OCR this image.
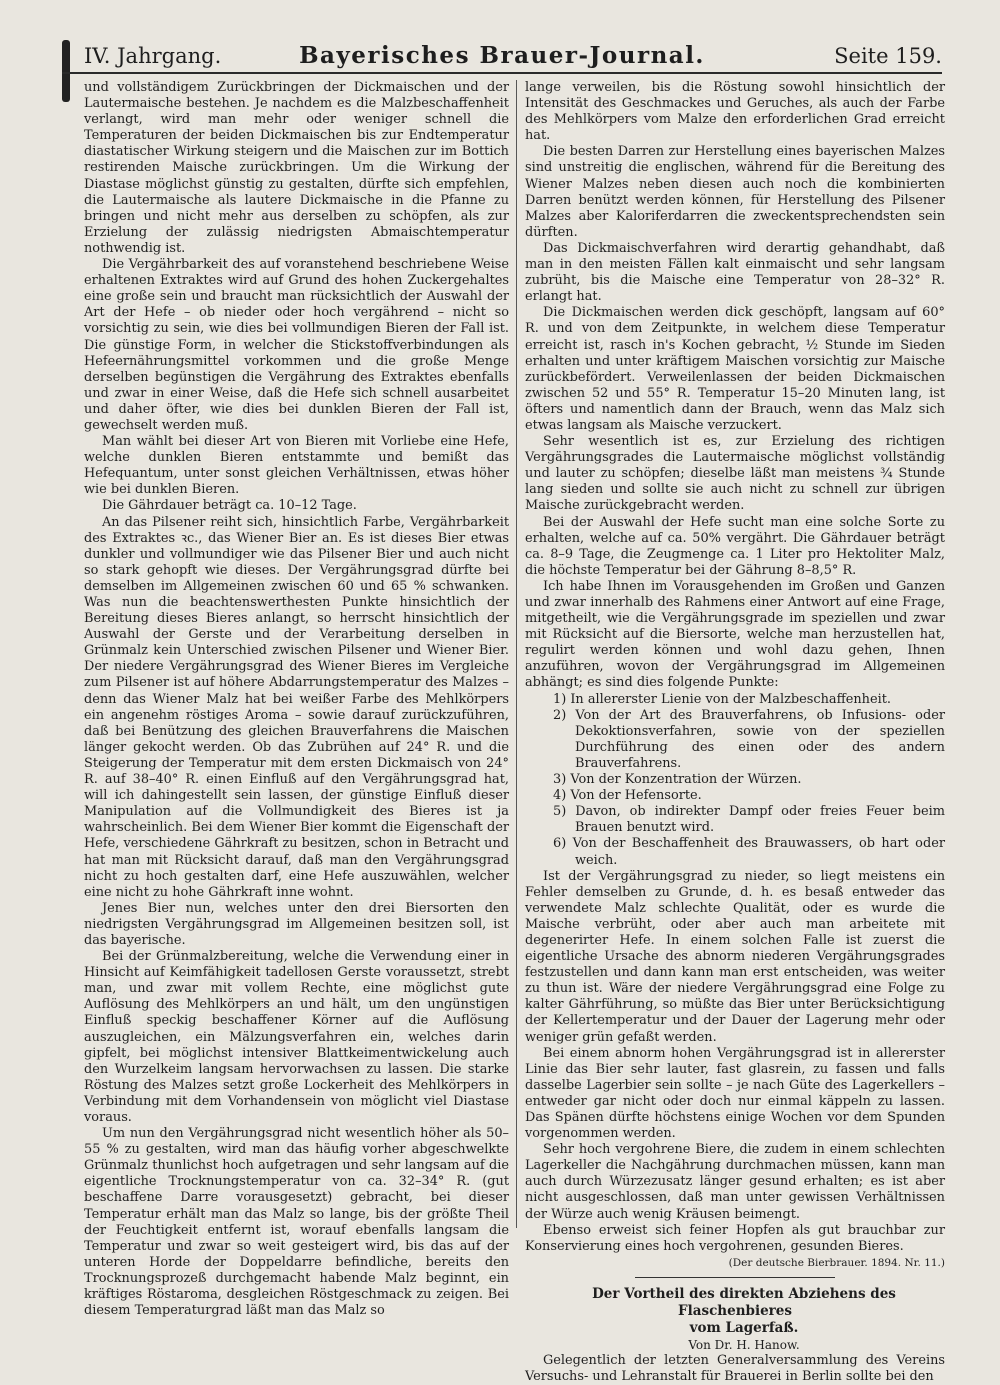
IV. Jahrgang.	Bayerisches Brauer-Journal.	Seite 159.

und vollständigem Zurückbringen der Dickmaischen und der Lautermaische bestehen. Je nachdem es die Malzbeschaffenheit verlangt, wird man mehr oder weniger schnell die Temperaturen der beiden Dickmaischen bis zur Endtemperatur diastatischer Wirkung steigern und die Maischen zur im Bottich restirenden Maische zurückbringen. Um die Wirkung der Diastase möglichst günstig zu gestalten, dürfte sich empfehlen, die Lautermaische als lautere Dickmaische in die Pfanne zu bringen und nicht mehr aus derselben zu schöpfen, als zur Erzielung der zulässig niedrigsten Abmaischtemperatur nothwendig ist.

Die Vergährbarkeit des auf voranstehend beschriebene Weise erhaltenen Extraktes wird auf Grund des hohen Zuckergehaltes eine große sein und braucht man rücksichtlich der Auswahl der Art der Hefe – ob nieder oder hoch vergährend – nicht so vorsichtig zu sein, wie dies bei vollmundigen Bieren der Fall ist. Die günstige Form, in welcher die Stickstoffverbindungen als Hefeernährungsmittel vorkommen und die große Menge derselben begünstigen die Vergährung des Extraktes ebenfalls und zwar in einer Weise, daß die Hefe sich schnell ausarbeitet und daher öfter, wie dies bei dunklen Bieren der Fall ist, gewechselt werden muß.

Man wählt bei dieser Art von Bieren mit Vorliebe eine Hefe, welche dunklen Bieren entstammte und bemißt das Hefequantum, unter sonst gleichen Verhältnissen, etwas höher wie bei dunklen Bieren.

Die Gährdauer beträgt ca. 10–12 Tage.

An das Pilsener reiht sich, hinsichtlich Farbe, Vergährbarkeit des Extraktes ꝛc., das Wiener Bier an. Es ist dieses Bier etwas dunkler und vollmundiger wie das Pilsener Bier und auch nicht so stark gehopft wie dieses. Der Vergährungsgrad dürfte bei demselben im Allgemeinen zwischen 60 und 65 % schwanken. Was nun die beachtenswerthesten Punkte hinsichtlich der Bereitung dieses Bieres anlangt, so herrscht hinsichtlich der Auswahl der Gerste und der Verarbeitung derselben in Grünmalz kein Unterschied zwischen Pilsener und Wiener Bier. Der niedere Vergährungsgrad des Wiener Bieres im Vergleiche zum Pilsener ist auf höhere Abdarrungstemperatur des Malzes – denn das Wiener Malz hat bei weißer Farbe des Mehlkörpers ein angenehm röstiges Aroma – sowie darauf zurückzuführen, daß bei Benützung des gleichen Brauverfahrens die Maischen länger gekocht werden. Ob das Zubrühen auf 24° R. und die Steigerung der Temperatur mit dem ersten Dickmaisch von 24° R. auf 38–40° R. einen Einfluß auf den Vergährungsgrad hat, will ich dahingestellt sein lassen, der günstige Einfluß dieser Manipulation auf die Vollmundigkeit des Bieres ist ja wahrscheinlich. Bei dem Wiener Bier kommt die Eigenschaft der Hefe, verschiedene Gährkraft zu besitzen, schon in Betracht und hat man mit Rücksicht darauf, daß man den Vergährungsgrad nicht zu hoch gestalten darf, eine Hefe auszuwählen, welcher eine nicht zu hohe Gährkraft inne wohnt.

Jenes Bier nun, welches unter den drei Biersorten den niedrigsten Vergährungsgrad im Allgemeinen besitzen soll, ist das bayerische.

Bei der Grünmalzbereitung, welche die Verwendung einer in Hinsicht auf Keimfähigkeit tadellosen Gerste voraussetzt, strebt man, und zwar mit vollem Rechte, eine möglichst gute Auflösung des Mehlkörpers an und hält, um den ungünstigen Einfluß speckig beschaffener Körner auf die Auflösung auszugleichen, ein Mälzungsverfahren ein, welches darin gipfelt, bei möglichst intensiver Blattkeimentwickelung auch den Wurzelkeim langsam hervorwachsen zu lassen. Die starke Röstung des Malzes setzt große Lockerheit des Mehlkörpers in Verbindung mit dem Vorhandensein von möglicht viel Diastase voraus.

Um nun den Vergährungsgrad nicht wesentlich höher als 50–55 % zu gestalten, wird man das häufig vorher abgeschwelkte Grünmalz thunlichst hoch aufgetragen und sehr langsam auf die eigentliche Trocknungstemperatur von ca. 32–34° R. (gut beschaffene Darre vorausgesetzt) gebracht, bei dieser Temperatur erhält man das Malz so lange, bis der größte Theil der Feuchtigkeit entfernt ist, worauf ebenfalls langsam die Temperatur und zwar so weit gesteigert wird, bis das auf der unteren Horde der Doppeldarre befindliche, bereits den Trocknungsprozeß durchgemacht habende Malz beginnt, ein kräftiges Röstaroma, desgleichen Röstgeschmack zu zeigen. Bei diesem Temperaturgrad läßt man das Malz so

lange verweilen, bis die Röstung sowohl hinsichtlich der Intensität des Geschmackes und Geruches, als auch der Farbe des Mehlkörpers vom Malze den erforderlichen Grad erreicht hat.

Die besten Darren zur Herstellung eines bayerischen Malzes sind unstreitig die englischen, während für die Bereitung des Wiener Malzes neben diesen auch noch die kombinierten Darren benützt werden können, für Herstellung des Pilsener Malzes aber Kaloriferdarren die zweckentsprechendsten sein dürften.

Das Dickmaischverfahren wird derartig gehandhabt, daß man in den meisten Fällen kalt einmaischt und sehr langsam zubrüht, bis die Maische eine Temperatur von 28–32° R. erlangt hat.

Die Dickmaischen werden dick geschöpft, langsam auf 60° R. und von dem Zeitpunkte, in welchem diese Temperatur erreicht ist, rasch in's Kochen gebracht, ½ Stunde im Sieden erhalten und unter kräftigem Maischen vorsichtig zur Maische zurückbefördert. Verweilenlassen der beiden Dickmaischen zwischen 52 und 55° R. Temperatur 15–20 Minuten lang, ist öfters und namentlich dann der Brauch, wenn das Malz sich etwas langsam als Maische verzuckert.

Sehr wesentlich ist es, zur Erzielung des richtigen Vergährungsgrades die Lautermaische möglichst vollständig und lauter zu schöpfen; dieselbe läßt man meistens ¾ Stunde lang sieden und sollte sie auch nicht zu schnell zur übrigen Maische zurückgebracht werden.

Bei der Auswahl der Hefe sucht man eine solche Sorte zu erhalten, welche auf ca. 50% vergährt. Die Gährdauer beträgt ca. 8–9 Tage, die Zeugmenge ca. 1 Liter pro Hektoliter Malz, die höchste Temperatur bei der Gährung 8–8,5° R.

Ich habe Ihnen im Vorausgehenden im Großen und Ganzen und zwar innerhalb des Rahmens einer Antwort auf eine Frage, mitgetheilt, wie die Vergährungsgrade im speziellen und zwar mit Rücksicht auf die Biersorte, welche man herzustellen hat, regulirt werden können und wohl dazu gehen, Ihnen anzuführen, wovon der Vergährungsgrad im Allgemeinen abhängt; es sind dies folgende Punkte:

1) In allererster Lienie von der Malzbeschaffenheit.
2) Von der Art des Brauverfahrens, ob Infusions- oder Dekoktionsverfahren, sowie von der speziellen Durchführung des einen oder des andern Brauverfahrens.
3) Von der Konzentration der Würzen.
4) Von der Hefensorte.
5) Davon, ob indirekter Dampf oder freies Feuer beim Brauen benutzt wird.
6) Von der Beschaffenheit des Brauwassers, ob hart oder weich.

Ist der Vergährungsgrad zu nieder, so liegt meistens ein Fehler demselben zu Grunde, d. h. es besaß entweder das verwendete Malz schlechte Qualität, oder es wurde die Maische verbrüht, oder aber auch man arbeitete mit degenerirter Hefe. In einem solchen Falle ist zuerst die eigentliche Ursache des abnorm niederen Vergährungsgrades festzustellen und dann kann man erst entscheiden, was weiter zu thun ist. Wäre der niedere Vergährungsgrad eine Folge zu kalter Gährführung, so müßte das Bier unter Berücksichtigung der Kellertemperatur und der Dauer der Lagerung mehr oder weniger grün gefaßt werden.

Bei einem abnorm hohen Vergährungsgrad ist in allererster Linie das Bier sehr lauter, fast glasrein, zu fassen und falls dasselbe Lagerbier sein sollte – je nach Güte des Lagerkellers – entweder gar nicht oder doch nur einmal käppeln zu lassen. Das Spänen dürfte höchstens einige Wochen vor dem Spunden vorgenommen werden.

Sehr hoch vergohrene Biere, die zudem in einem schlechten Lagerkeller die Nachgährung durchmachen müssen, kann man auch durch Würzezusatz länger gesund erhalten; es ist aber nicht ausgeschlossen, daß man unter gewissen Verhältnissen der Würze auch wenig Kräusen beimengt.

Ebenso erweist sich feiner Hopfen als gut brauchbar zur Konservierung eines hoch vergohrenen, gesunden Bieres.

(Der deutsche Bierbrauer. 1894. Nr. 11.)

Der Vortheil des direkten Abziehens des Flaschenbieres

vom Lagerfaß.

Von Dr. H. Hanow.

Gelegentlich der letzten Generalversammlung des Vereins Versuchs- und Lehranstalt für Brauerei in Berlin sollte bei den
